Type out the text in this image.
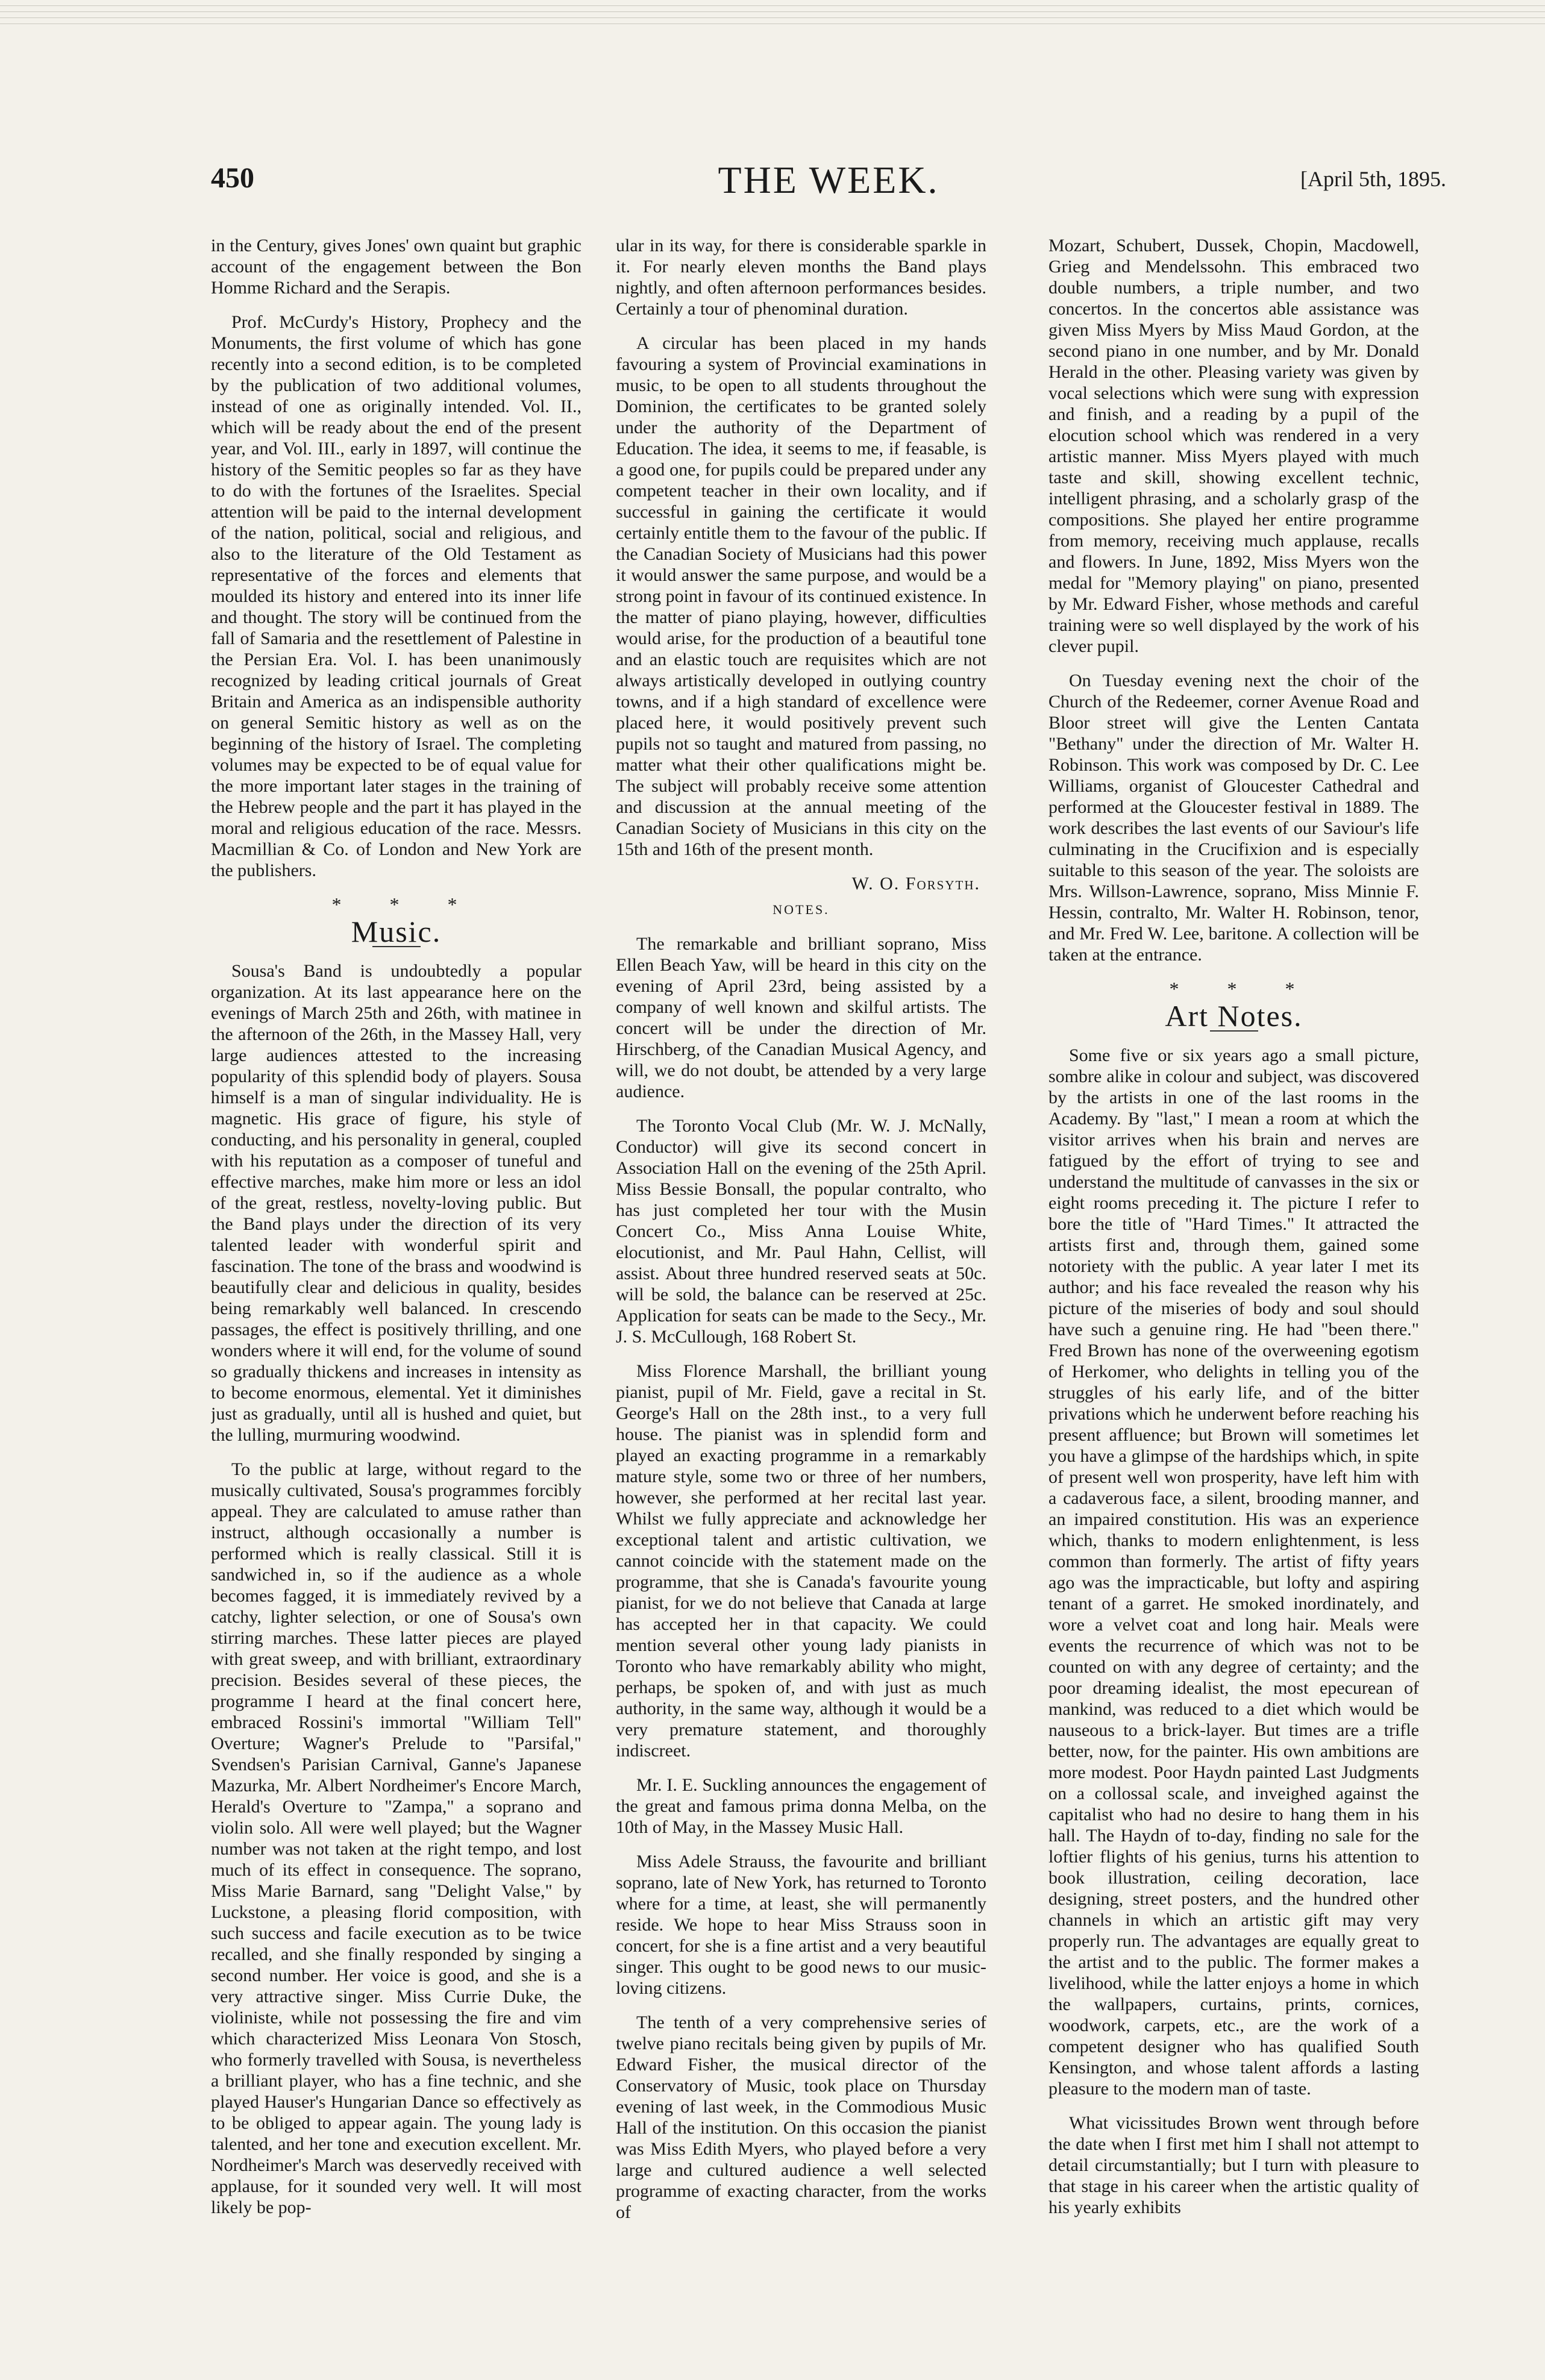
450	THE WEEK.	[April 5th, 1895.

in the Century, gives Jones' own quaint but graphic account of the engagement between the Bon Homme Richard and the Serapis.

Prof. McCurdy's History, Prophecy and the Monuments, the first volume of which has gone recently into a second edition, is to be completed by the publication of two additional volumes, instead of one as originally intended. Vol. II., which will be ready about the end of the present year, and Vol. III., early in 1897, will continue the history of the Semitic peoples so far as they have to do with the fortunes of the Israelites. Special attention will be paid to the internal development of the nation, political, social and religious, and also to the literature of the Old Testament as representative of the forces and elements that moulded its history and entered into its inner life and thought. The story will be continued from the fall of Samaria and the resettlement of Palestine in the Persian Era. Vol. I. has been unanimously recognized by leading critical journals of Great Britain and America as an indispensible authority on general Semitic history as well as on the beginning of the history of Israel. The completing volumes may be expected to be of equal value for the more important later stages in the training of the Hebrew people and the part it has played in the moral and religious education of the race. Messrs. Macmillian & Co. of London and New York are the publishers.

* * *
Music.

Sousa's Band is undoubtedly a popular organization. At its last appearance here on the evenings of March 25th and 26th, with matinee in the afternoon of the 26th, in the Massey Hall, very large audiences attested to the increasing popularity of this splendid body of players. Sousa himself is a man of singular individuality. He is magnetic. His grace of figure, his style of conducting, and his personality in general, coupled with his reputation as a composer of tuneful and effective marches, make him more or less an idol of the great, restless, novelty-loving public. But the Band plays under the direction of its very talented leader with wonderful spirit and fascination. The tone of the brass and woodwind is beautifully clear and delicious in quality, besides being remarkably well balanced. In crescendo passages, the effect is positively thrilling, and one wonders where it will end, for the volume of sound so gradually thickens and increases in intensity as to become enormous, elemental. Yet it diminishes just as gradually, until all is hushed and quiet, but the lulling, murmuring woodwind.

To the public at large, without regard to the musically cultivated, Sousa's programmes forcibly appeal. They are calculated to amuse rather than instruct, although occasionally a number is performed which is really classical. Still it is sandwiched in, so if the audience as a whole becomes fagged, it is immediately revived by a catchy, lighter selection, or one of Sousa's own stirring marches. These latter pieces are played with great sweep, and with brilliant, extraordinary precision. Besides several of these pieces, the programme I heard at the final concert here, embraced Rossini's immortal "William Tell" Overture; Wagner's Prelude to "Parsifal," Svendsen's Parisian Carnival, Ganne's Japanese Mazurka, Mr. Albert Nordheimer's Encore March, Herald's Overture to "Zampa," a soprano and violin solo. All were well played; but the Wagner number was not taken at the right tempo, and lost much of its effect in consequence. The soprano, Miss Marie Barnard, sang "Delight Valse," by Luckstone, a pleasing florid composition, with such success and facile execution as to be twice recalled, and she finally responded by singing a second number. Her voice is good, and she is a very attractive singer. Miss Currie Duke, the violiniste, while not possessing the fire and vim which characterized Miss Leonara Von Stosch, who formerly travelled with Sousa, is nevertheless a brilliant player, who has a fine technic, and she played Hauser's Hungarian Dance so effectively as to be obliged to appear again. The young lady is talented, and her tone and execution excellent. Mr. Nordheimer's March was deservedly received with applause, for it sounded very well. It will most likely be pop-

ular in its way, for there is considerable sparkle in it. For nearly eleven months the Band plays nightly, and often afternoon performances besides. Certainly a tour of phenominal duration.

A circular has been placed in my hands favouring a system of Provincial examinations in music, to be open to all students throughout the Dominion, the certificates to be granted solely under the authority of the Department of Education. The idea, it seems to me, if feasable, is a good one, for pupils could be prepared under any competent teacher in their own locality, and if successful in gaining the certificate it would certainly entitle them to the favour of the public. If the Canadian Society of Musicians had this power it would answer the same purpose, and would be a strong point in favour of its continued existence. In the matter of piano playing, however, difficulties would arise, for the production of a beautiful tone and an elastic touch are requisites which are not always artistically developed in outlying country towns, and if a high standard of excellence were placed here, it would positively prevent such pupils not so taught and matured from passing, no matter what their other qualifications might be. The subject will probably receive some attention and discussion at the annual meeting of the Canadian Society of Musicians in this city on the 15th and 16th of the present month.

W. O. Forsyth.
NOTES.

The remarkable and brilliant soprano, Miss Ellen Beach Yaw, will be heard in this city on the evening of April 23rd, being assisted by a company of well known and skilful artists. The concert will be under the direction of Mr. Hirschberg, of the Canadian Musical Agency, and will, we do not doubt, be attended by a very large audience.

The Toronto Vocal Club (Mr. W. J. McNally, Conductor) will give its second concert in Association Hall on the evening of the 25th April. Miss Bessie Bonsall, the popular contralto, who has just completed her tour with the Musin Concert Co., Miss Anna Louise White, elocutionist, and Mr. Paul Hahn, Cellist, will assist. About three hundred reserved seats at 50c. will be sold, the balance can be reserved at 25c. Application for seats can be made to the Secy., Mr. J. S. McCullough, 168 Robert St.

Miss Florence Marshall, the brilliant young pianist, pupil of Mr. Field, gave a recital in St. George's Hall on the 28th inst., to a very full house. The pianist was in splendid form and played an exacting programme in a remarkably mature style, some two or three of her numbers, however, she performed at her recital last year. Whilst we fully appreciate and acknowledge her exceptional talent and artistic cultivation, we cannot coincide with the statement made on the programme, that she is Canada's favourite young pianist, for we do not believe that Canada at large has accepted her in that capacity. We could mention several other young lady pianists in Toronto who have remarkably ability who might, perhaps, be spoken of, and with just as much authority, in the same way, although it would be a very premature statement, and thoroughly indiscreet.

Mr. I. E. Suckling announces the engagement of the great and famous prima donna Melba, on the 10th of May, in the Massey Music Hall.

Miss Adele Strauss, the favourite and brilliant soprano, late of New York, has returned to Toronto where for a time, at least, she will permanently reside. We hope to hear Miss Strauss soon in concert, for she is a fine artist and a very beautiful singer. This ought to be good news to our music-loving citizens.

The tenth of a very comprehensive series of twelve piano recitals being given by pupils of Mr. Edward Fisher, the musical director of the Conservatory of Music, took place on Thursday evening of last week, in the Commodious Music Hall of the institution. On this occasion the pianist was Miss Edith Myers, who played before a very large and cultured audience a well selected programme of exacting character, from the works of

Mozart, Schubert, Dussek, Chopin, Macdowell, Grieg and Mendelssohn. This embraced two double numbers, a triple number, and two concertos. In the concertos able assistance was given Miss Myers by Miss Maud Gordon, at the second piano in one number, and by Mr. Donald Herald in the other. Pleasing variety was given by vocal selections which were sung with expression and finish, and a reading by a pupil of the elocution school which was rendered in a very artistic manner. Miss Myers played with much taste and skill, showing excellent technic, intelligent phrasing, and a scholarly grasp of the compositions. She played her entire programme from memory, receiving much applause, recalls and flowers. In June, 1892, Miss Myers won the medal for "Memory playing" on piano, presented by Mr. Edward Fisher, whose methods and careful training were so well displayed by the work of his clever pupil.

On Tuesday evening next the choir of the Church of the Redeemer, corner Avenue Road and Bloor street will give the Lenten Cantata "Bethany" under the direction of Mr. Walter H. Robinson. This work was composed by Dr. C. Lee Williams, organist of Gloucester Cathedral and performed at the Gloucester festival in 1889. The work describes the last events of our Saviour's life culminating in the Crucifixion and is especially suitable to this season of the year. The soloists are Mrs. Willson-Lawrence, soprano, Miss Minnie F. Hessin, contralto, Mr. Walter H. Robinson, tenor, and Mr. Fred W. Lee, baritone. A collection will be taken at the entrance.

* * *
Art Notes.

Some five or six years ago a small picture, sombre alike in colour and subject, was discovered by the artists in one of the last rooms in the Academy. By "last," I mean a room at which the visitor arrives when his brain and nerves are fatigued by the effort of trying to see and understand the multitude of canvasses in the six or eight rooms preceding it. The picture I refer to bore the title of "Hard Times." It attracted the artists first and, through them, gained some notoriety with the public. A year later I met its author; and his face revealed the reason why his picture of the miseries of body and soul should have such a genuine ring. He had "been there." Fred Brown has none of the overweening egotism of Herkomer, who delights in telling you of the struggles of his early life, and of the bitter privations which he underwent before reaching his present affluence; but Brown will sometimes let you have a glimpse of the hardships which, in spite of present well won prosperity, have left him with a cadaverous face, a silent, brooding manner, and an impaired constitution. His was an experience which, thanks to modern enlightenment, is less common than formerly. The artist of fifty years ago was the impracticable, but lofty and aspiring tenant of a garret. He smoked inordinately, and wore a velvet coat and long hair. Meals were events the recurrence of which was not to be counted on with any degree of certainty; and the poor dreaming idealist, the most epecurean of mankind, was reduced to a diet which would be nauseous to a brick-layer. But times are a trifle better, now, for the painter. His own ambitions are more modest. Poor Haydn painted Last Judgments on a collossal scale, and inveighed against the capitalist who had no desire to hang them in his hall. The Haydn of to-day, finding no sale for the loftier flights of his genius, turns his attention to book illustration, ceiling decoration, lace designing, street posters, and the hundred other channels in which an artistic gift may very properly run. The advantages are equally great to the artist and to the public. The former makes a livelihood, while the latter enjoys a home in which the wallpapers, curtains, prints, cornices, woodwork, carpets, etc., are the work of a competent designer who has qualified South Kensington, and whose talent affords a lasting pleasure to the modern man of taste.

What vicissitudes Brown went through before the date when I first met him I shall not attempt to detail circumstantially; but I turn with pleasure to that stage in his career when the artistic quality of his yearly exhibits
